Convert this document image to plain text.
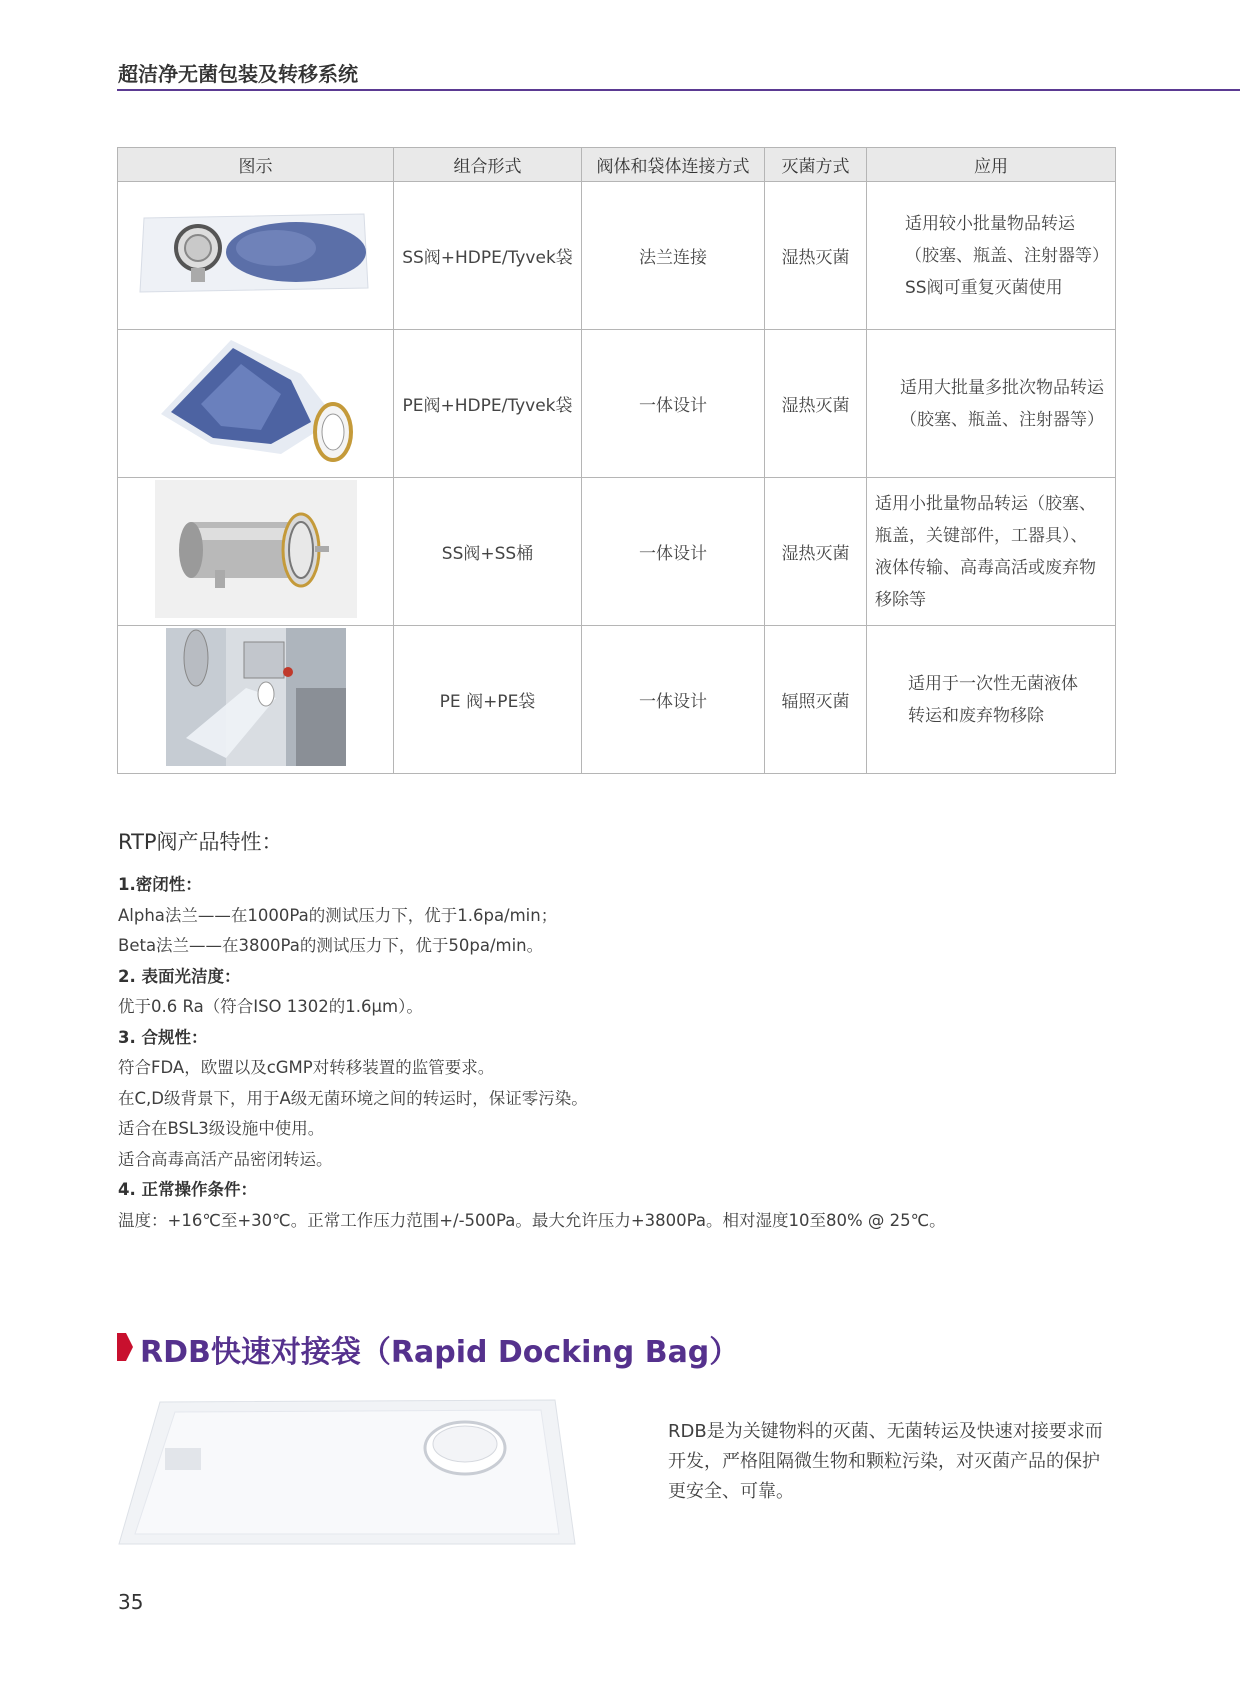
超洁净无菌包装及转移系统
图示	组合形式	阀体和袋体连接方式	灭菌方式	应用
	SS阀+HDPE/Tyvek袋	法兰连接	湿热灭菌	适用较小批量物品转运
（胶塞、瓶盖、注射器等）
SS阀可重复灭菌使用

	PE阀+HDPE/Tyvek袋	一体设计	湿热灭菌	适用大批量多批次物品转运
（胶塞、瓶盖、注射器等）

	SS阀+SS桶	一体设计	湿热灭菌	适用小批量物品转运（胶塞、
瓶盖，关键部件，工器具）、
液体传输、高毒高活或废弃物
移除等

	PE 阀+PE袋	一体设计	辐照灭菌	适用于一次性无菌液体
转运和废弃物移除
RTP阀产品特性：
1.密闭性：
Alpha法兰——在1000Pa的测试压力下，优于1.6pa/min；
Beta法兰——在3800Pa的测试压力下，优于50pa/min。
2. 表面光洁度：
优于0.6 Ra（符合ISO 1302的1.6μm）。
3. 合规性：
符合FDA，欧盟以及cGMP对转移装置的监管要求。
在C,D级背景下，用于A级无菌环境之间的转运时，保证零污染。
适合在BSL3级设施中使用。
适合高毒高活产品密闭转运。
4. 正常操作条件：
温度：+16℃至+30℃。正常工作压力范围+/-500Pa。最大允许压力+3800Pa。相对湿度10至80% @ 25℃。
RDB快速对接袋（Rapid Docking Bag）
RDB是为关键物料的灭菌、无菌转运及快速对接要求而
开发，严格阻隔微生物和颗粒污染，对灭菌产品的保护
更安全、可靠。
35
